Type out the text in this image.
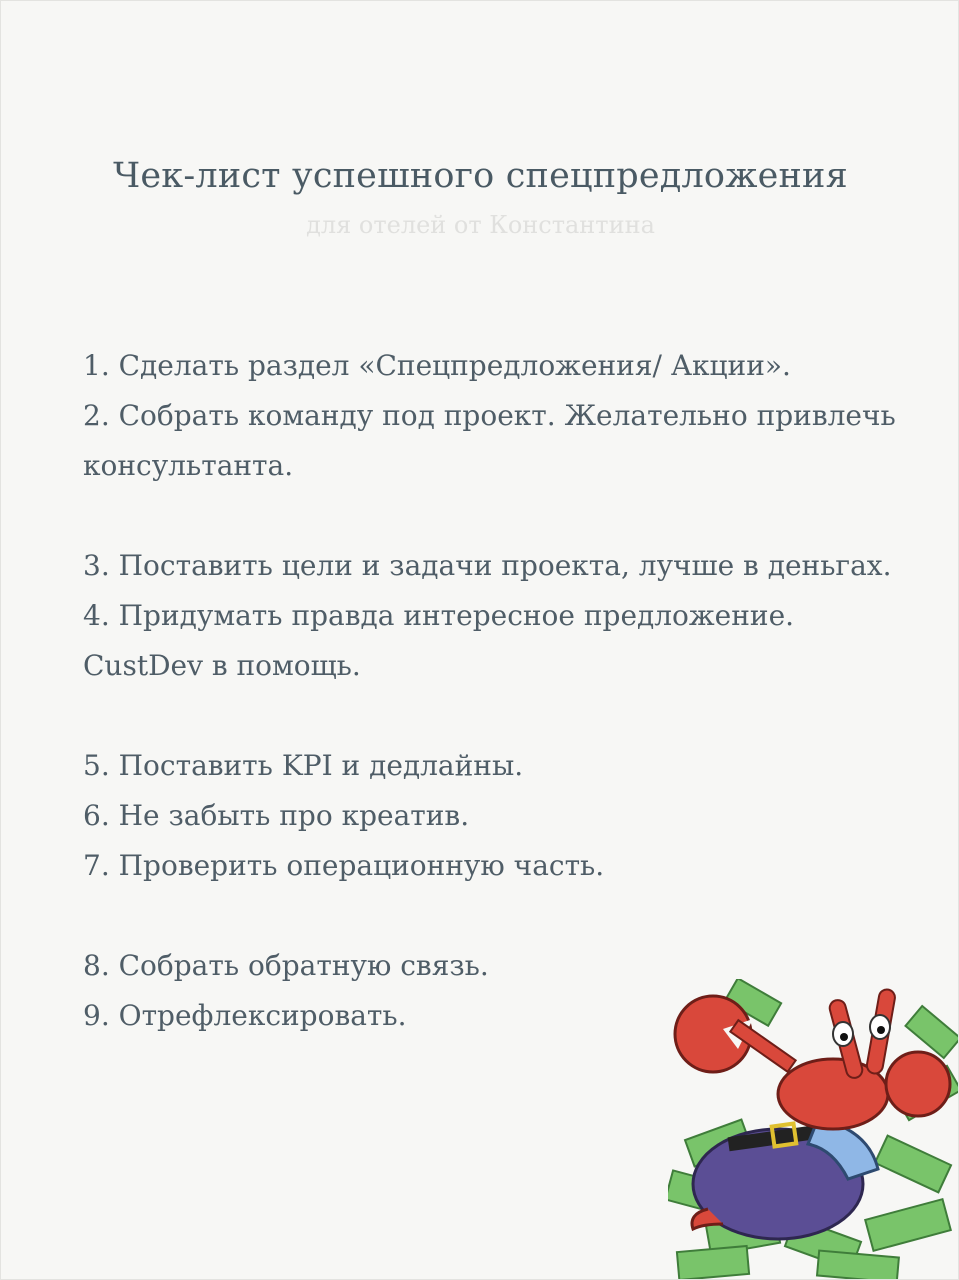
Чек-лист успешного спецпредложения
для отелей от Константина
1. Сделать раздел «Спецпредложения/ Акции».
2. Собрать команду под проект. Желательно привлечь консультанта.
3. Поставить цели и задачи проекта, лучше в деньгах.
4. Придумать правда интересное предложение. CustDev в помощь.
5. Поставить KPI и дедлайны.
6. Не забыть про креатив.
7. Проверить операционную часть.
8. Собрать обратную связь.
9. Отрефлексировать.
